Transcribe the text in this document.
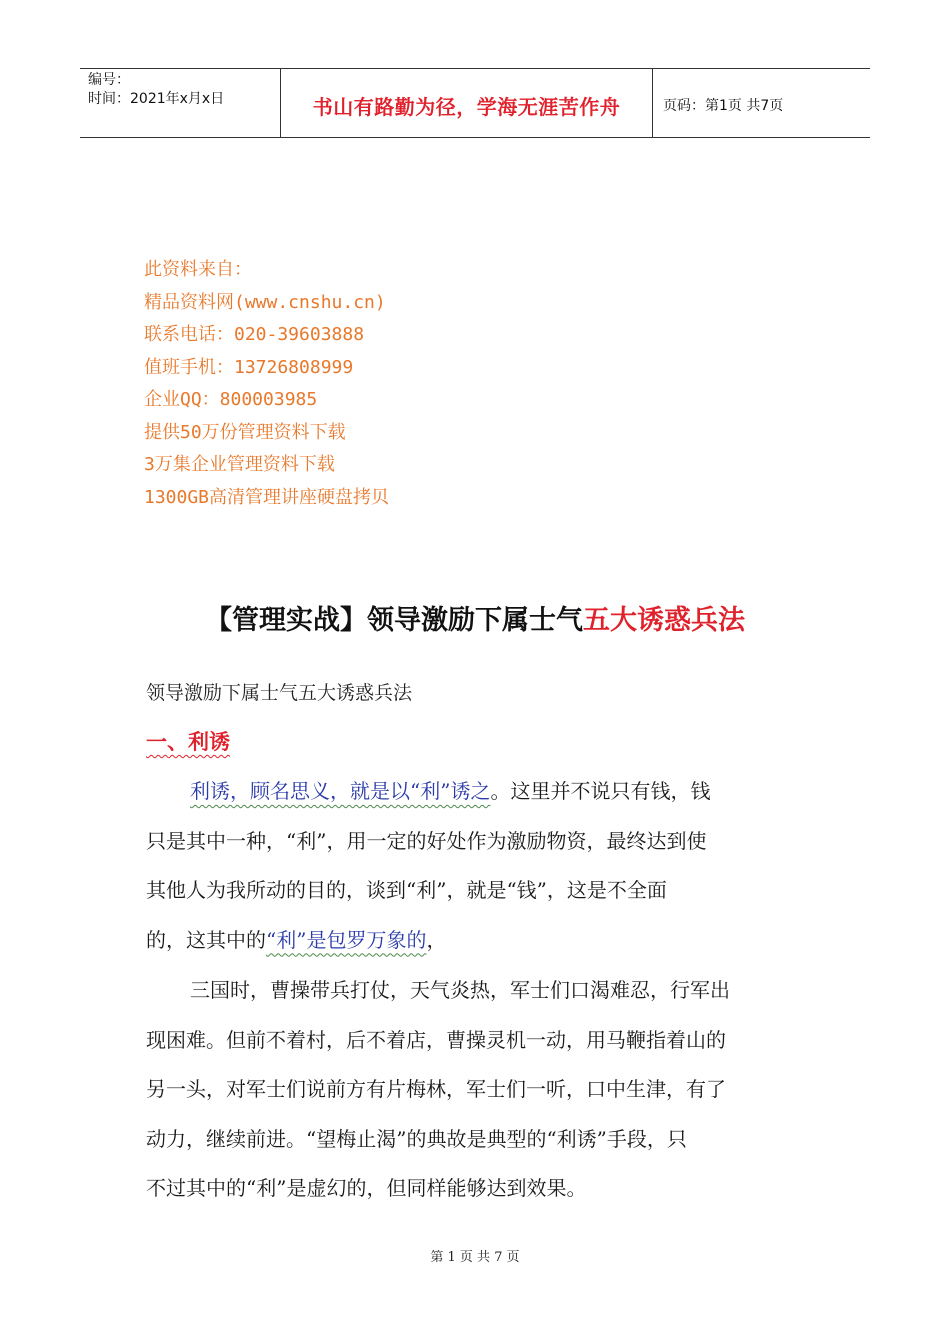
编号：
时间：2021年x月x日	书山有路勤为径，学海无涯苦作舟	页码：第1页 共7页
此资料来自：
精品资料网(www.cnshu.cn)
联系电话：020-39603888
值班手机：13726808999
企业QQ：800003985
提供50万份管理资料下载
3万集企业管理资料下载
1300GB高清管理讲座硬盘拷贝
【管理实战】领导激励下属士气五大诱惑兵法
领导激励下属士气五大诱惑兵法
一、利诱
利诱，顾名思义，就是以“利”诱之。这里并不说只有钱，钱
只是其中一种，“利”，用一定的好处作为激励物资，最终达到使
其他人为我所动的目的，谈到“利”，就是“钱”，这是不全面
的，这其中的 “利”是包罗万象的 ，
三国时，曹操带兵打仗，天气炎热，军士们口渴难忍，行军出
现困难。但前不着村，后不着店，曹操灵机一动，用马鞭指着山的
另一头，对军士们说前方有片梅林，军士们一听，口中生津，有了
动力，继续前进。“望梅止渴”的典故是典型的“利诱”手段，只
不过其中的“利”是虚幻的，但同样能够达到效果。
第 1 页 共 7 页
